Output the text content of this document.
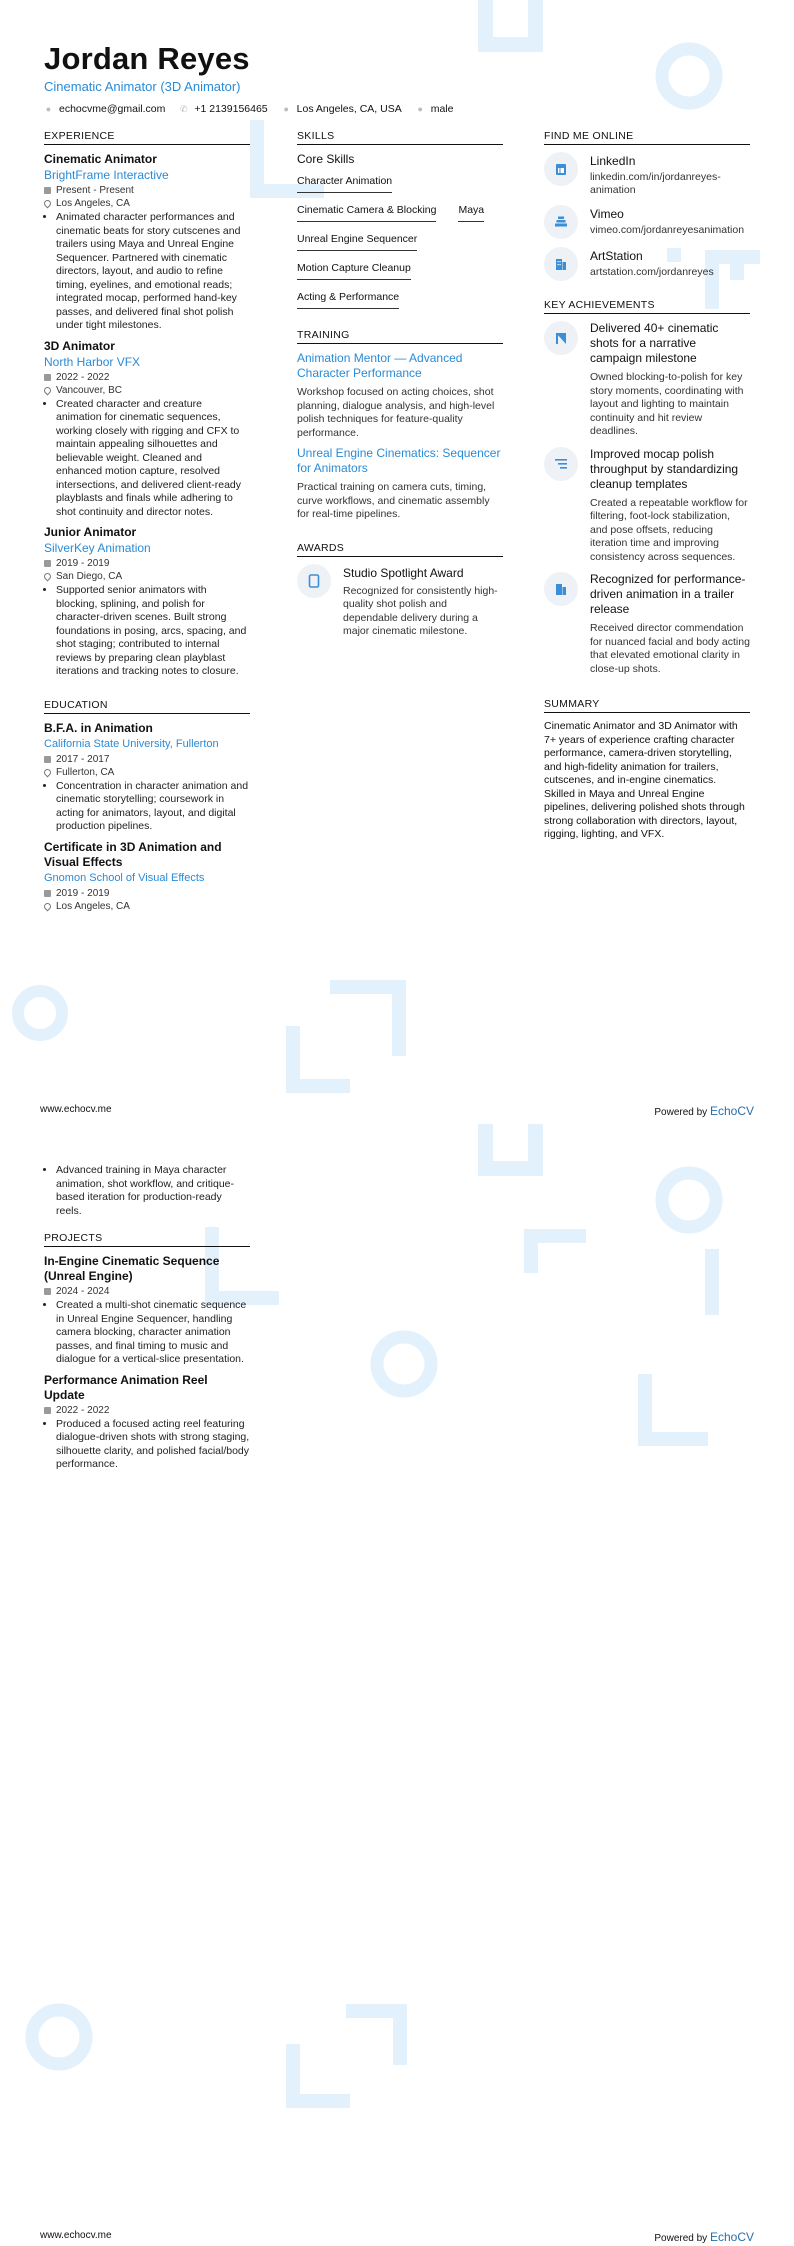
Jordan Reyes
Cinematic Animator (3D Animator)
● echocvme@gmail.com ✆ +1 2139156465 ● Los Angeles, CA, USA ● male
EXPERIENCE
Cinematic Animator
BrightFrame Interactive
Present - Present
Los Angeles, CA
• Animated character performances and cinematic beats for story cutscenes and trailers using Maya and Unreal Engine Sequencer. Partnered with cinematic directors, layout, and audio to refine timing, eyelines, and emotional reads; integrated mocap, performed hand-key passes, and delivered final shot polish under tight milestones.
3D Animator
North Harbor VFX
2022 - 2022
Vancouver, BC
• Created character and creature animation for cinematic sequences, working closely with rigging and CFX to maintain appealing silhouettes and believable weight. Cleaned and enhanced motion capture, resolved intersections, and delivered client-ready playblasts and finals while adhering to shot continuity and director notes.
Junior Animator
SilverKey Animation
2019 - 2019
San Diego, CA
• Supported senior animators with blocking, splining, and polish for character-driven scenes. Built strong foundations in posing, arcs, spacing, and shot staging; contributed to internal reviews by preparing clean playblast iterations and tracking notes to closure.
EDUCATION
B.F.A. in Animation
California State University, Fullerton
2017 - 2017
Fullerton, CA
• Concentration in character animation and cinematic storytelling; coursework in acting for animators, layout, and digital production pipelines.
Certificate in 3D Animation and Visual Effects
Gnomon School of Visual Effects
2019 - 2019
Los Angeles, CA
SKILLS
Core Skills
Character Animation
Cinematic Camera & Blocking Maya
Unreal Engine Sequencer
Motion Capture Cleanup
Acting & Performance
TRAINING
Animation Mentor — Advanced Character Performance
Workshop focused on acting choices, shot planning, dialogue analysis, and high-level polish techniques for feature-quality performance.
Unreal Engine Cinematics: Sequencer for Animators
Practical training on camera cuts, timing, curve workflows, and cinematic assembly for real-time pipelines.
AWARDS
Studio Spotlight Award
Recognized for consistently high-quality shot polish and dependable delivery during a major cinematic milestone.
FIND ME ONLINE
LinkedIn
linkedin.com/in/jordanreyes-animation
Vimeo
vimeo.com/jordanreyesanimation
ArtStation
artstation.com/jordanreyes
KEY ACHIEVEMENTS
Delivered 40+ cinematic shots for a narrative campaign milestone
Owned blocking-to-polish for key story moments, coordinating with layout and lighting to maintain continuity and hit review deadlines.
Improved mocap polish throughput by standardizing cleanup templates
Created a repeatable workflow for filtering, foot-lock stabilization, and pose offsets, reducing iteration time and improving consistency across sequences.
Recognized for performance-driven animation in a trailer release
Received director commendation for nuanced facial and body acting that elevated emotional clarity in close-up shots.
SUMMARY
Cinematic Animator and 3D Animator with 7+ years of experience crafting character performance, camera-driven storytelling, and high-fidelity animation for trailers, cutscenes, and in-engine cinematics. Skilled in Maya and Unreal Engine pipelines, delivering polished shots through strong collaboration with directors, layout, rigging, lighting, and VFX.
www.echocv.me	Powered by EchoCV
• Advanced training in Maya character animation, shot workflow, and critique-based iteration for production-ready reels.
PROJECTS
In-Engine Cinematic Sequence (Unreal Engine)
2024 - 2024
• Created a multi-shot cinematic sequence in Unreal Engine Sequencer, handling camera blocking, character animation passes, and final timing to music and dialogue for a vertical-slice presentation.
Performance Animation Reel Update
2022 - 2022
• Produced a focused acting reel featuring dialogue-driven shots with strong staging, silhouette clarity, and polished facial/body performance.
www.echocv.me	Powered by EchoCV
